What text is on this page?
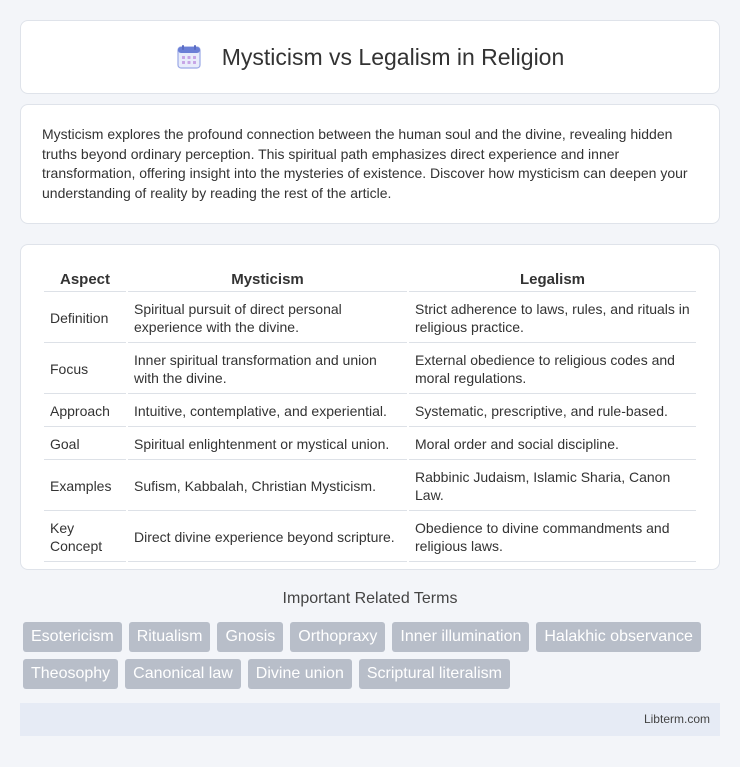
Mysticism vs Legalism in Religion

Mysticism explores the profound connection between the human soul and the divine, revealing hidden truths beyond ordinary perception. This spiritual path emphasizes direct experience and inner transformation, offering insight into the mysteries of existence. Discover how mysticism can deepen your understanding of reality by reading the rest of the article.

Aspect	Mysticism	Legalism
Definition	Spiritual pursuit of direct personal experience with the divine.	Strict adherence to laws, rules, and rituals in religious practice.
Focus	Inner spiritual transformation and union with the divine.	External obedience to religious codes and moral regulations.
Approach	Intuitive, contemplative, and experiential.	Systematic, prescriptive, and rule-based.
Goal	Spiritual enlightenment or mystical union.	Moral order and social discipline.
Examples	Sufism, Kabbalah, Christian Mysticism.	Rabbinic Judaism, Islamic Sharia, Canon Law.
Key Concept	Direct divine experience beyond scripture.	Obedience to divine commandments and religious laws.
Important Related Terms
Esotericism	Ritualism	Gnosis	Orthopraxy	Inner illumination	Halakhic observance
Theosophy	Canonical law	Divine union	Scriptural literalism
Libterm.com
